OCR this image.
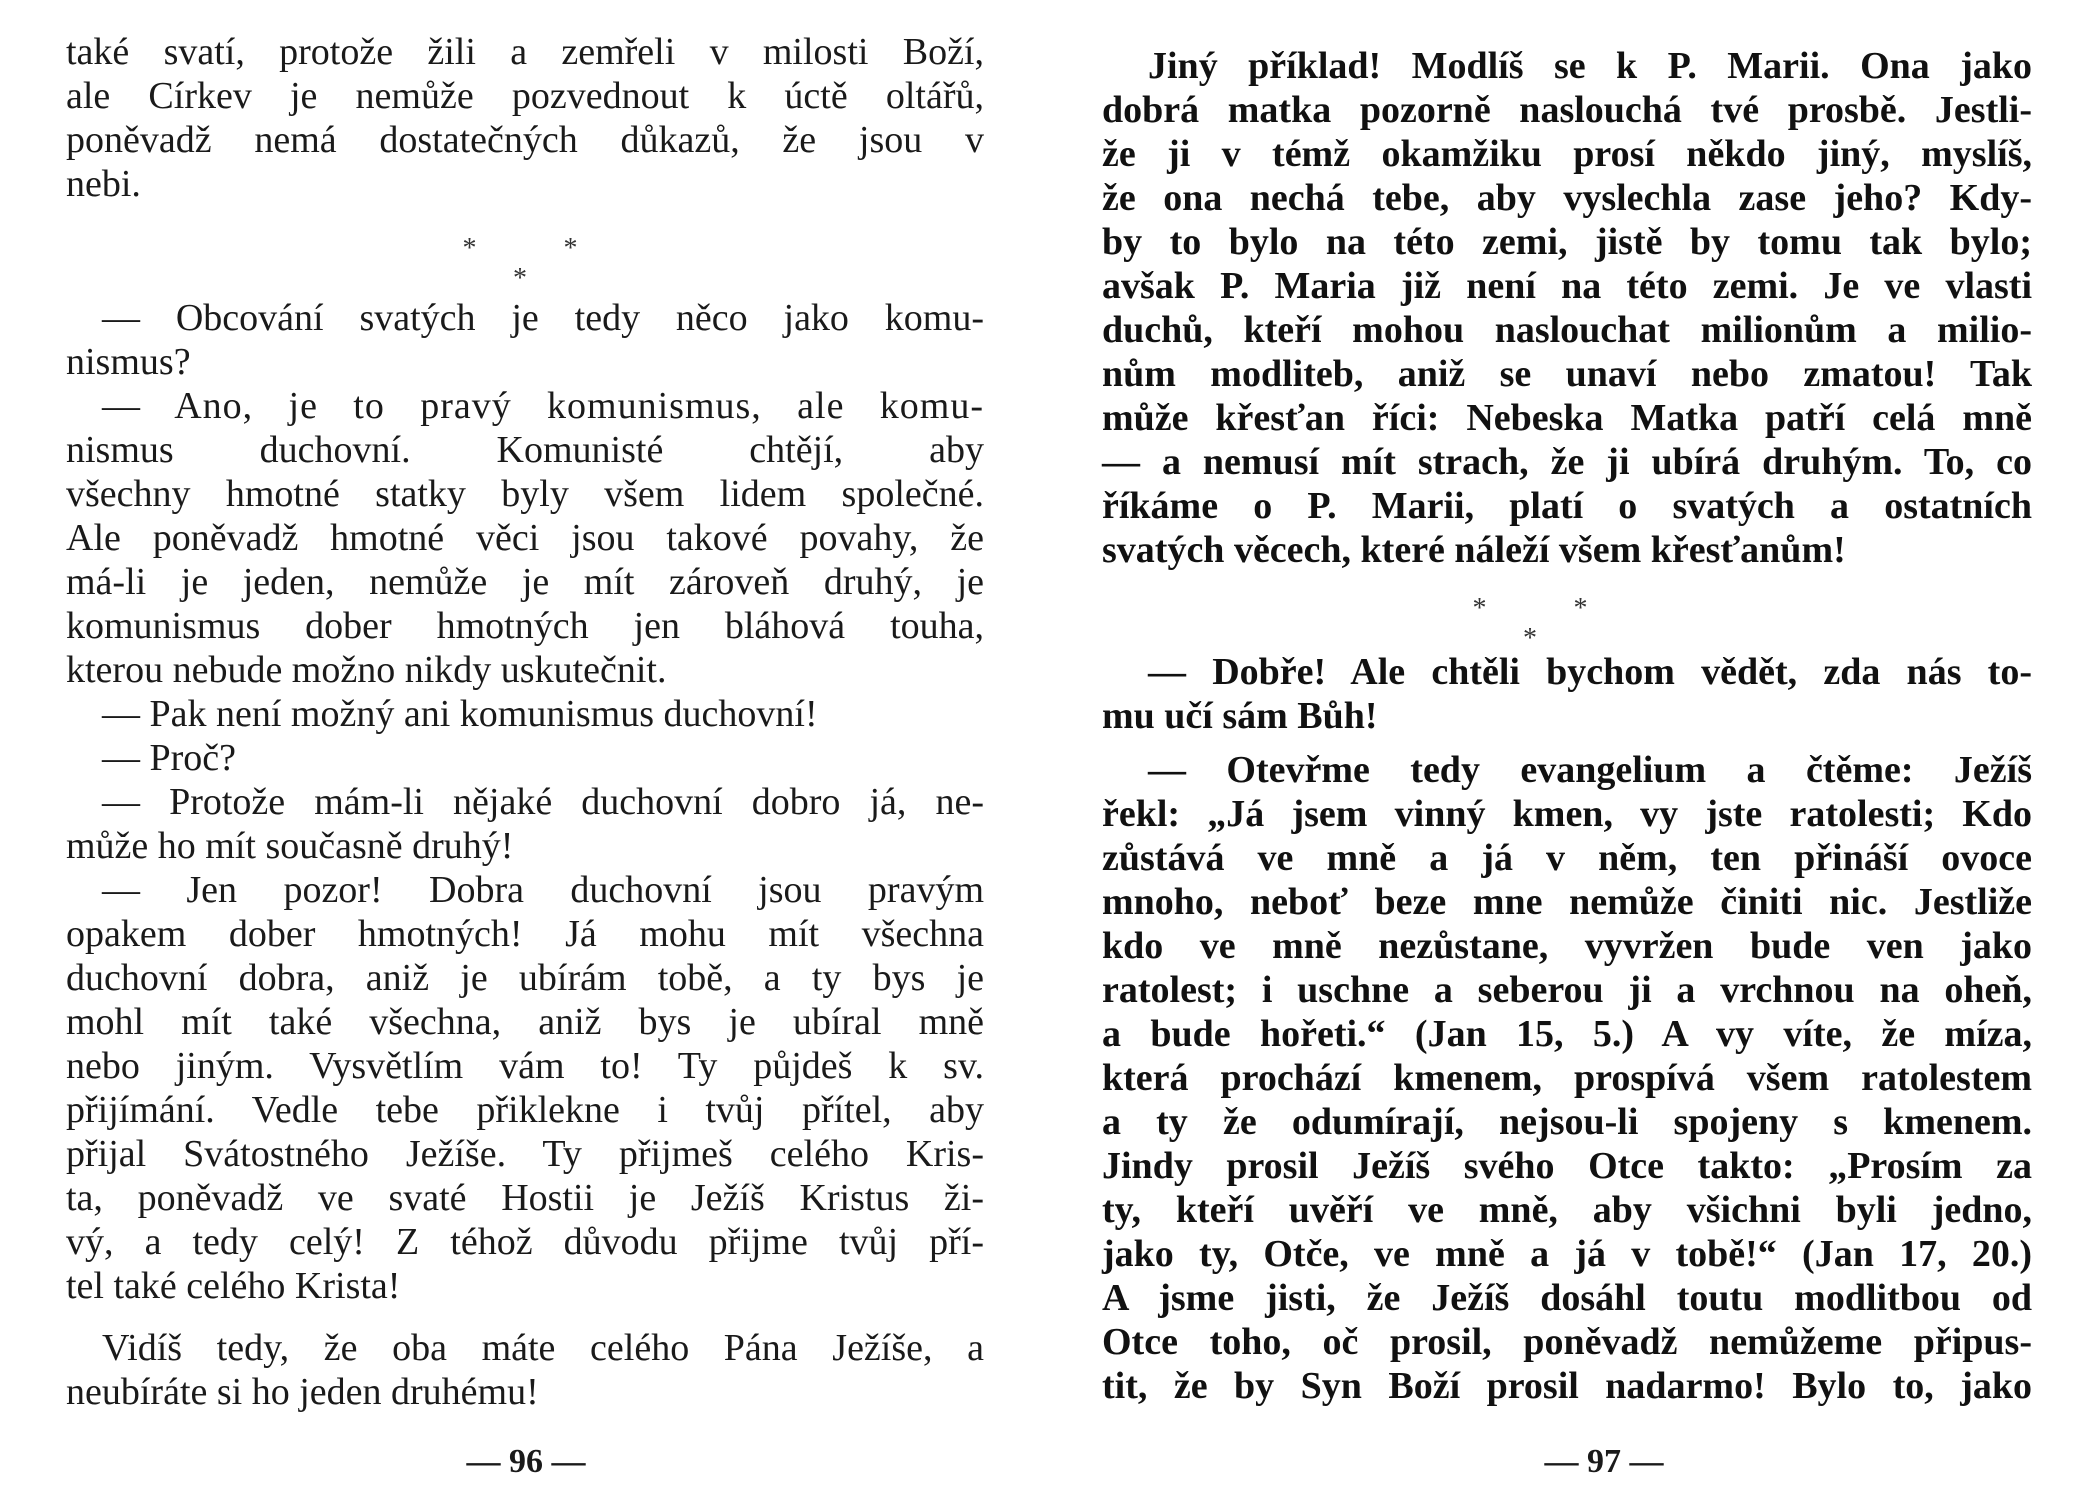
také svatí, protože žili a zemřeli v milosti Boží,
ale Církev je nemůže pozvednout k úctě oltářů,
poněvadž nemá dostatečných důkazů, že jsou v
nebi.
* * *
— Obcování svatých je tedy něco jako komu-
nismus?
— Ano, je to pravý komunismus, ale komu-
nismus duchovní. Komunisté chtějí, aby
všechny hmotné statky byly všem lidem společné.
Ale poněvadž hmotné věci jsou takové povahy, že
má-li je jeden, nemůže je mít zároveň druhý, je
komunismus dober hmotných jen bláhová touha,
kterou nebude možno nikdy uskutečnit.
— Pak není možný ani komunismus duchovní!
— Proč?
— Protože mám-li nějaké duchovní dobro já, ne-
může ho mít současně druhý!
— Jen pozor! Dobra duchovní jsou pravým
opakem dober hmotných! Já mohu mít všechna
duchovní dobra, aniž je ubírám tobě, a ty bys je
mohl mít také všechna, aniž bys je ubíral mně
nebo jiným. Vysvětlím vám to! Ty půjdeš k sv.
přijímání. Vedle tebe přiklekne i tvůj přítel, aby
přijal Svátostného Ježíše. Ty přijmeš celého Kris-
ta, poněvadž ve svaté Hostii je Ježíš Kristus ži-
vý, a tedy celý! Z téhož důvodu přijme tvůj pří-
tel také celého Krista!
Vidíš tedy, že oba máte celého Pána Ježíše, a
neubíráte si ho jeden druhému!
— 96 —
Jiný příklad! Modlíš se k P. Marii. Ona jako
dobrá matka pozorně naslouchá tvé prosbě. Jestli-
že ji v témž okamžiku prosí někdo jiný, myslíš,
že ona nechá tebe, aby vyslechla zase jeho? Kdy-
by to bylo na této zemi, jistě by tomu tak bylo;
avšak P. Maria již není na této zemi. Je ve vlasti
duchů, kteří mohou naslouchat milionům a milio-
nům modliteb, aniž se unaví nebo zmatou! Tak
může křesťan říci: Nebeska Matka patří celá mně
— a nemusí mít strach, že ji ubírá druhým. To, co
říkáme o P. Marii, platí o svatých a ostatních
svatých věcech, které náleží všem křesťanům!
* * *
— Dobře! Ale chtěli bychom vědět, zda nás to-
mu učí sám Bůh!
— Otevřme tedy evangelium a čtěme: Ježíš
řekl: „Já jsem vinný kmen, vy jste ratolesti; Kdo
zůstává ve mně a já v něm, ten přináší ovoce
mnoho, neboť beze mne nemůže činiti nic. Jestliže
kdo ve mně nezůstane, vyvržen bude ven jako
ratolest; i uschne a seberou ji a vrchnou na oheň,
a bude hořeti.“ (Jan 15, 5.) A vy víte, že míza,
která prochází kmenem, prospívá všem ratolestem
a ty že odumírají, nejsou-li spojeny s kmenem.
Jindy prosil Ježíš svého Otce takto: „Prosím za
ty, kteří uvěří ve mně, aby všichni byli jedno,
jako ty, Otče, ve mně a já v tobě!“ (Jan 17, 20.)
A jsme jisti, že Ježíš dosáhl toutu modlitbou od
Otce toho, oč prosil, poněvadž nemůžeme připus-
tit, že by Syn Boží prosil nadarmo! Bylo to, jako
— 97 —
